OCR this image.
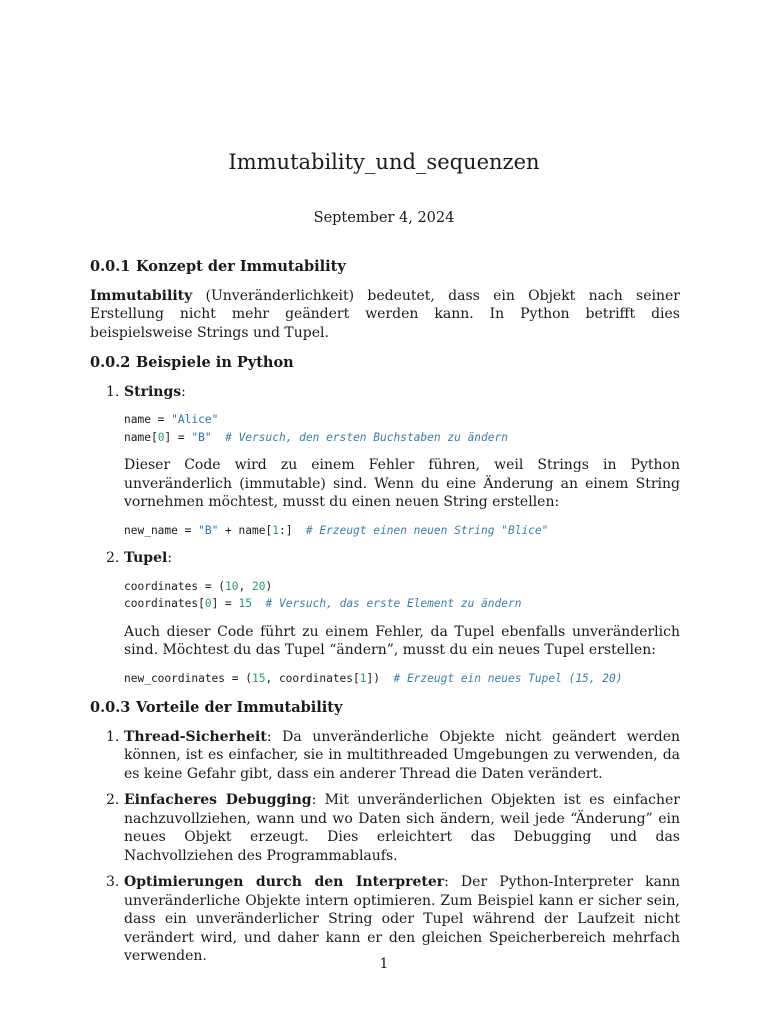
Immutability_und_sequenzen
September 4, 2024
0.0.1 Konzept der Immutability

Immutability (Unveränderlichkeit) bedeutet, dass ein Objekt nach seiner Erstellung nicht mehr geändert werden kann. In Python betrifft dies beispielsweise Strings und Tupel.

0.0.2 Beispiele in Python
1. Strings:
name = "Alice"
name[0] = "B" # Versuch, den ersten Buchstaben zu ändern
Dieser Code wird zu einem Fehler führen, weil Strings in Python unveränderlich (immutable) sind. Wenn du eine Änderung an einem String vornehmen möchtest, musst du einen neuen String erstellen:
new_name = "B" + name[1:]  # Erzeugt einen neuen String "Blice"
2. Tupel:
coordinates = (10, 20)
coordinates[0] = 15 # Versuch, das erste Element zu ändern
Auch dieser Code führt zu einem Fehler, da Tupel ebenfalls unveränderlich sind. Möchtest du das Tupel “ändern”, musst du ein neues Tupel erstellen:
new_coordinates = (15, coordinates[1])  # Erzeugt ein neues Tupel (15, 20)
0.0.3 Vorteile der Immutability
1. Thread-Sicherheit: Da unveränderliche Objekte nicht geändert werden können, ist es einfacher, sie in multithreaded Umgebungen zu verwenden, da es keine Gefahr gibt, dass ein anderer Thread die Daten verändert.
2. Einfacheres Debugging: Mit unveränderlichen Objekten ist es einfacher nachzuvollziehen, wann und wo Daten sich ändern, weil jede “Änderung” ein neues Objekt erzeugt. Dies erleichtert das Debugging und das Nachvollziehen des Programmablaufs.
3. Optimierungen durch den Interpreter: Der Python-Interpreter kann unveränderliche Objekte intern optimieren. Zum Beispiel kann er sicher sein, dass ein unveränderlicher String oder Tupel während der Laufzeit nicht verändert wird, und daher kann er den gleichen Speicherbereich mehrfach verwenden.	1
